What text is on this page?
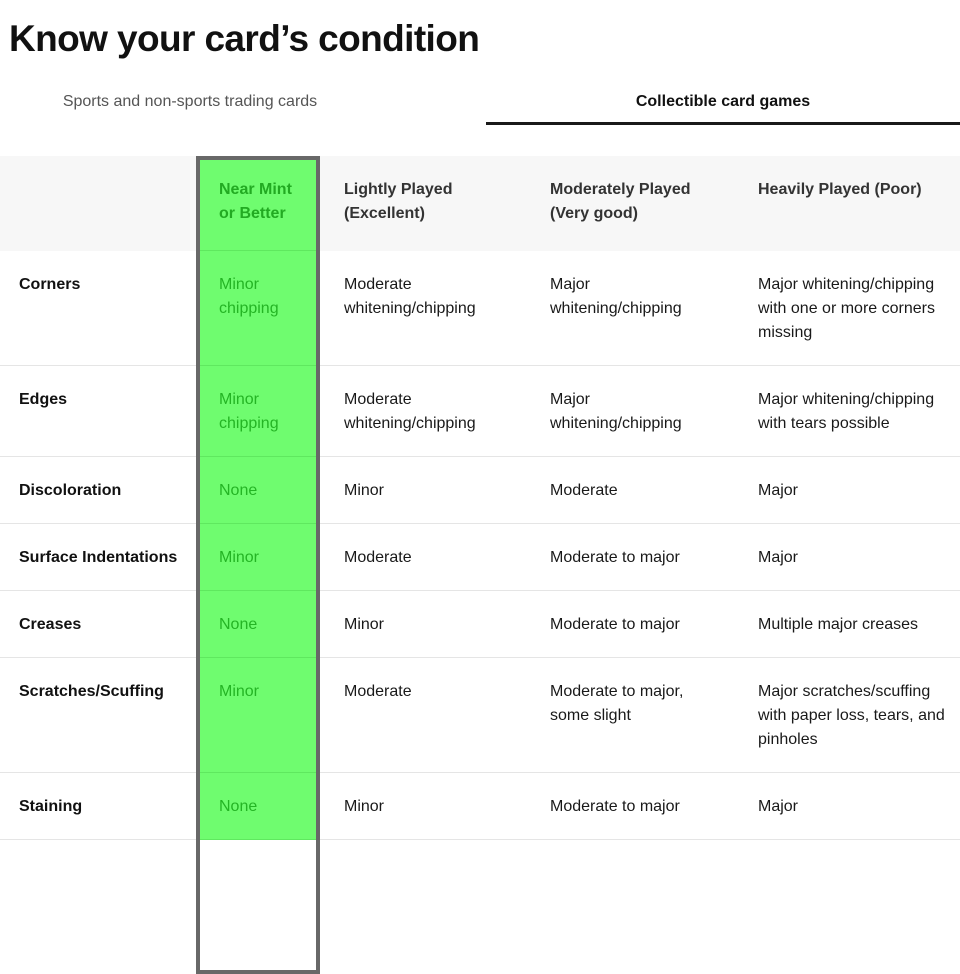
Know your card’s condition
Sports and non-sports trading cards	Collectible card games
	Near Mint or Better	Lightly Played (Excellent)	Moderately Played (Very good)	Heavily Played (Poor)
Corners	Minor chipping	Moderate whitening/chipping	Major whitening/chipping	Major whitening/chipping with one or more corners missing
Edges	Minor chipping	Moderate whitening/chipping	Major whitening/chipping	Major whitening/chipping with tears possible
Discoloration	None	Minor	Moderate	Major
Surface Indentations	Minor	Moderate	Moderate to major	Major
Creases	None	Minor	Moderate to major	Multiple major creases
Scratches/Scuffing	Minor	Moderate	Moderate to major, some slight	Major scratches/scuffing with paper loss, tears, and pinholes
Staining	None	Minor	Moderate to major	Major
